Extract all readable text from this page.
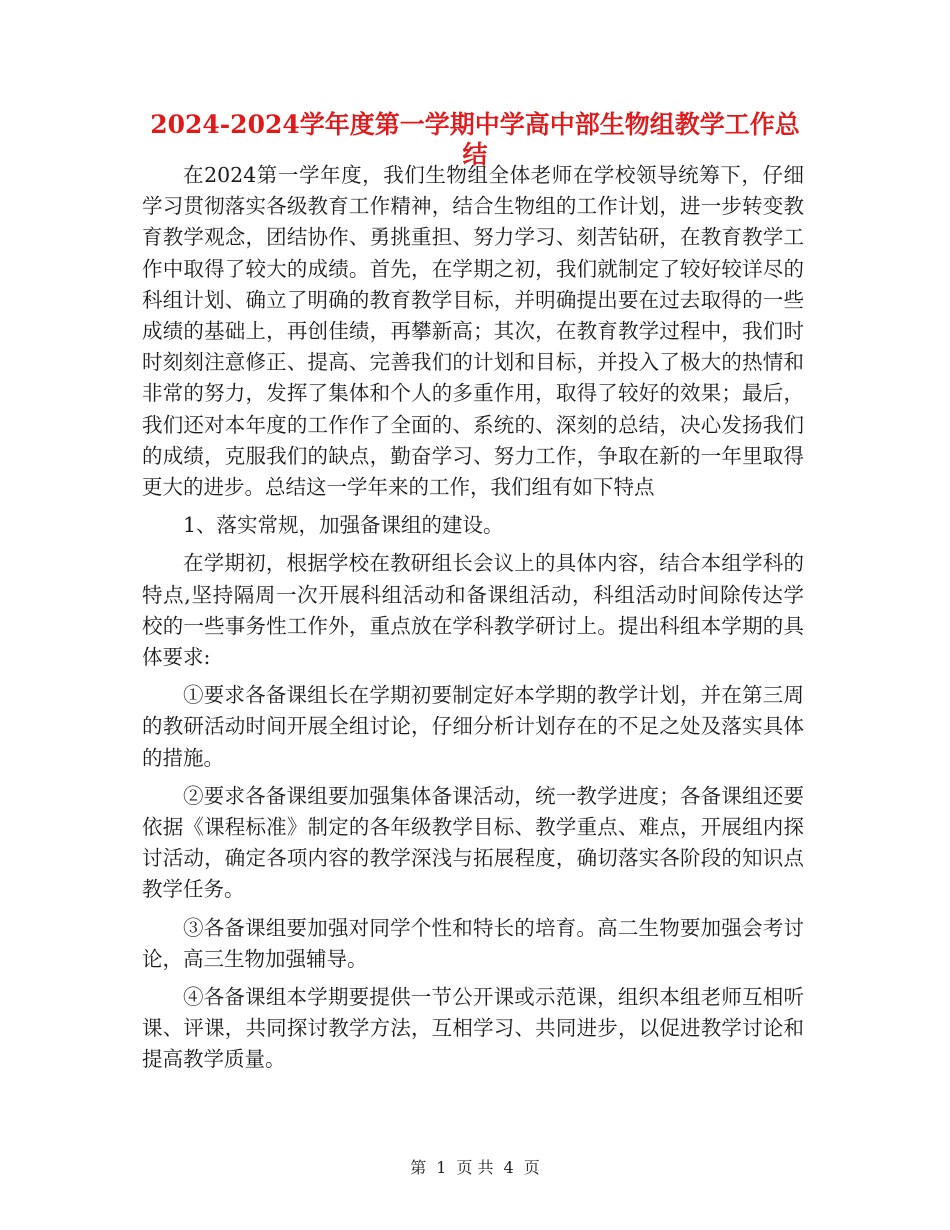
2024-2024学年度第一学期中学高中部生物组教学工作总结

在2024第一学年度，我们生物组全体老师在学校领导统筹下，仔细学习贯彻落实各级教育工作精神，结合生物组的工作计划，进一步转变教育教学观念，团结协作、勇挑重担、努力学习、刻苦钻研，在教育教学工作中取得了较大的成绩。首先，在学期之初，我们就制定了较好较详尽的科组计划、确立了明确的教育教学目标，并明确提出要在过去取得的一些成绩的基础上，再创佳绩，再攀新高；其次，在教育教学过程中，我们时时刻刻注意修正、提高、完善我们的计划和目标，并投入了极大的热情和非常的努力，发挥了集体和个人的多重作用，取得了较好的效果；最后，我们还对本年度的工作作了全面的、系统的、深刻的总结，决心发扬我们的成绩，克服我们的缺点，勤奋学习、努力工作，争取在新的一年里取得更大的进步。总结这一学年来的工作，我们组有如下特点

1、落实常规，加强备课组的建设。

在学期初，根据学校在教研组长会议上的具体内容，结合本组学科的特点,坚持隔周一次开展科组活动和备课组活动，科组活动时间除传达学校的一些事务性工作外，重点放在学科教学研讨上。提出科组本学期的具体要求:

①要求各备课组长在学期初要制定好本学期的教学计划，并在第三周的教研活动时间开展全组讨论，仔细分析计划存在的不足之处及落实具体的措施。

②要求各备课组要加强集体备课活动，统一教学进度；各备课组还要依据《课程标准》制定的各年级教学目标、教学重点、难点，开展组内探讨活动，确定各项内容的教学深浅与拓展程度，确切落实各阶段的知识点教学任务。

③各备课组要加强对同学个性和特长的培育。高二生物要加强会考讨论，高三生物加强辅导。

④各备课组本学期要提供一节公开课或示范课，组织本组老师互相听课、评课，共同探讨教学方法，互相学习、共同进步，以促进教学讨论和提高教学质量。

第 1 页 共 4 页
